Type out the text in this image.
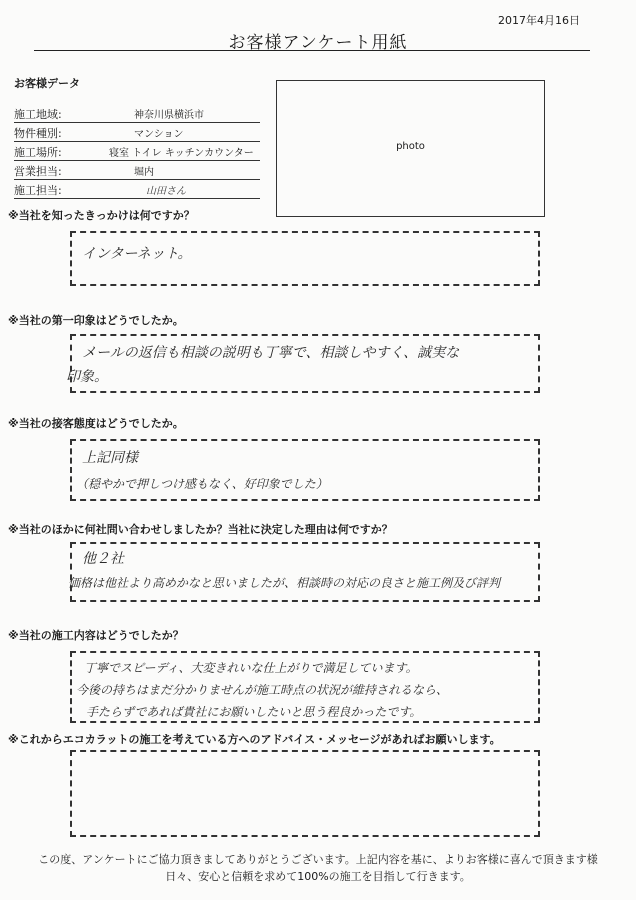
2017年4月16日
お客様アンケート用紙
お客様データ
施工地域:	神奈川県横浜市
物件種別:	マンション
施工場所:	寝室 トイレ キッチンカウンター
営業担当:	堀内
施工担当:	山田さん
photo
※当社を知ったきっかけは何ですか？
インターネット。
※当社の第一印象はどうでしたか。
メールの返信も相談の説明も丁寧で、相談しやすく、誠実な
印象。
※当社の接客態度はどうでしたか。
上記同様
（穏やかで押しつけ感もなく、好印象でした）
※当社のほかに何社問い合わせしましたか？当社に決定した理由は何ですか？
他２社
価格は他社より高めかなと思いましたが、相談時の対応の良さと施工例及び評判
※当社の施工内容はどうでしたか？
丁寧でスピーディ、大変きれいな仕上がりで満足しています。
今後の持ちはまだ分かりませんが施工時点の状況が維持されるなら、
手たらずであれば貴社にお願いしたいと思う程良かったです。
※これからエコカラットの施工を考えている方へのアドバイス・メッセージがあればお願いします。
この度、アンケートにご協力頂きましてありがとうございます。上記内容を基に、よりお客様に喜んで頂きます様
日々、安心と信頼を求めて100%の施工を目指して行きます。
